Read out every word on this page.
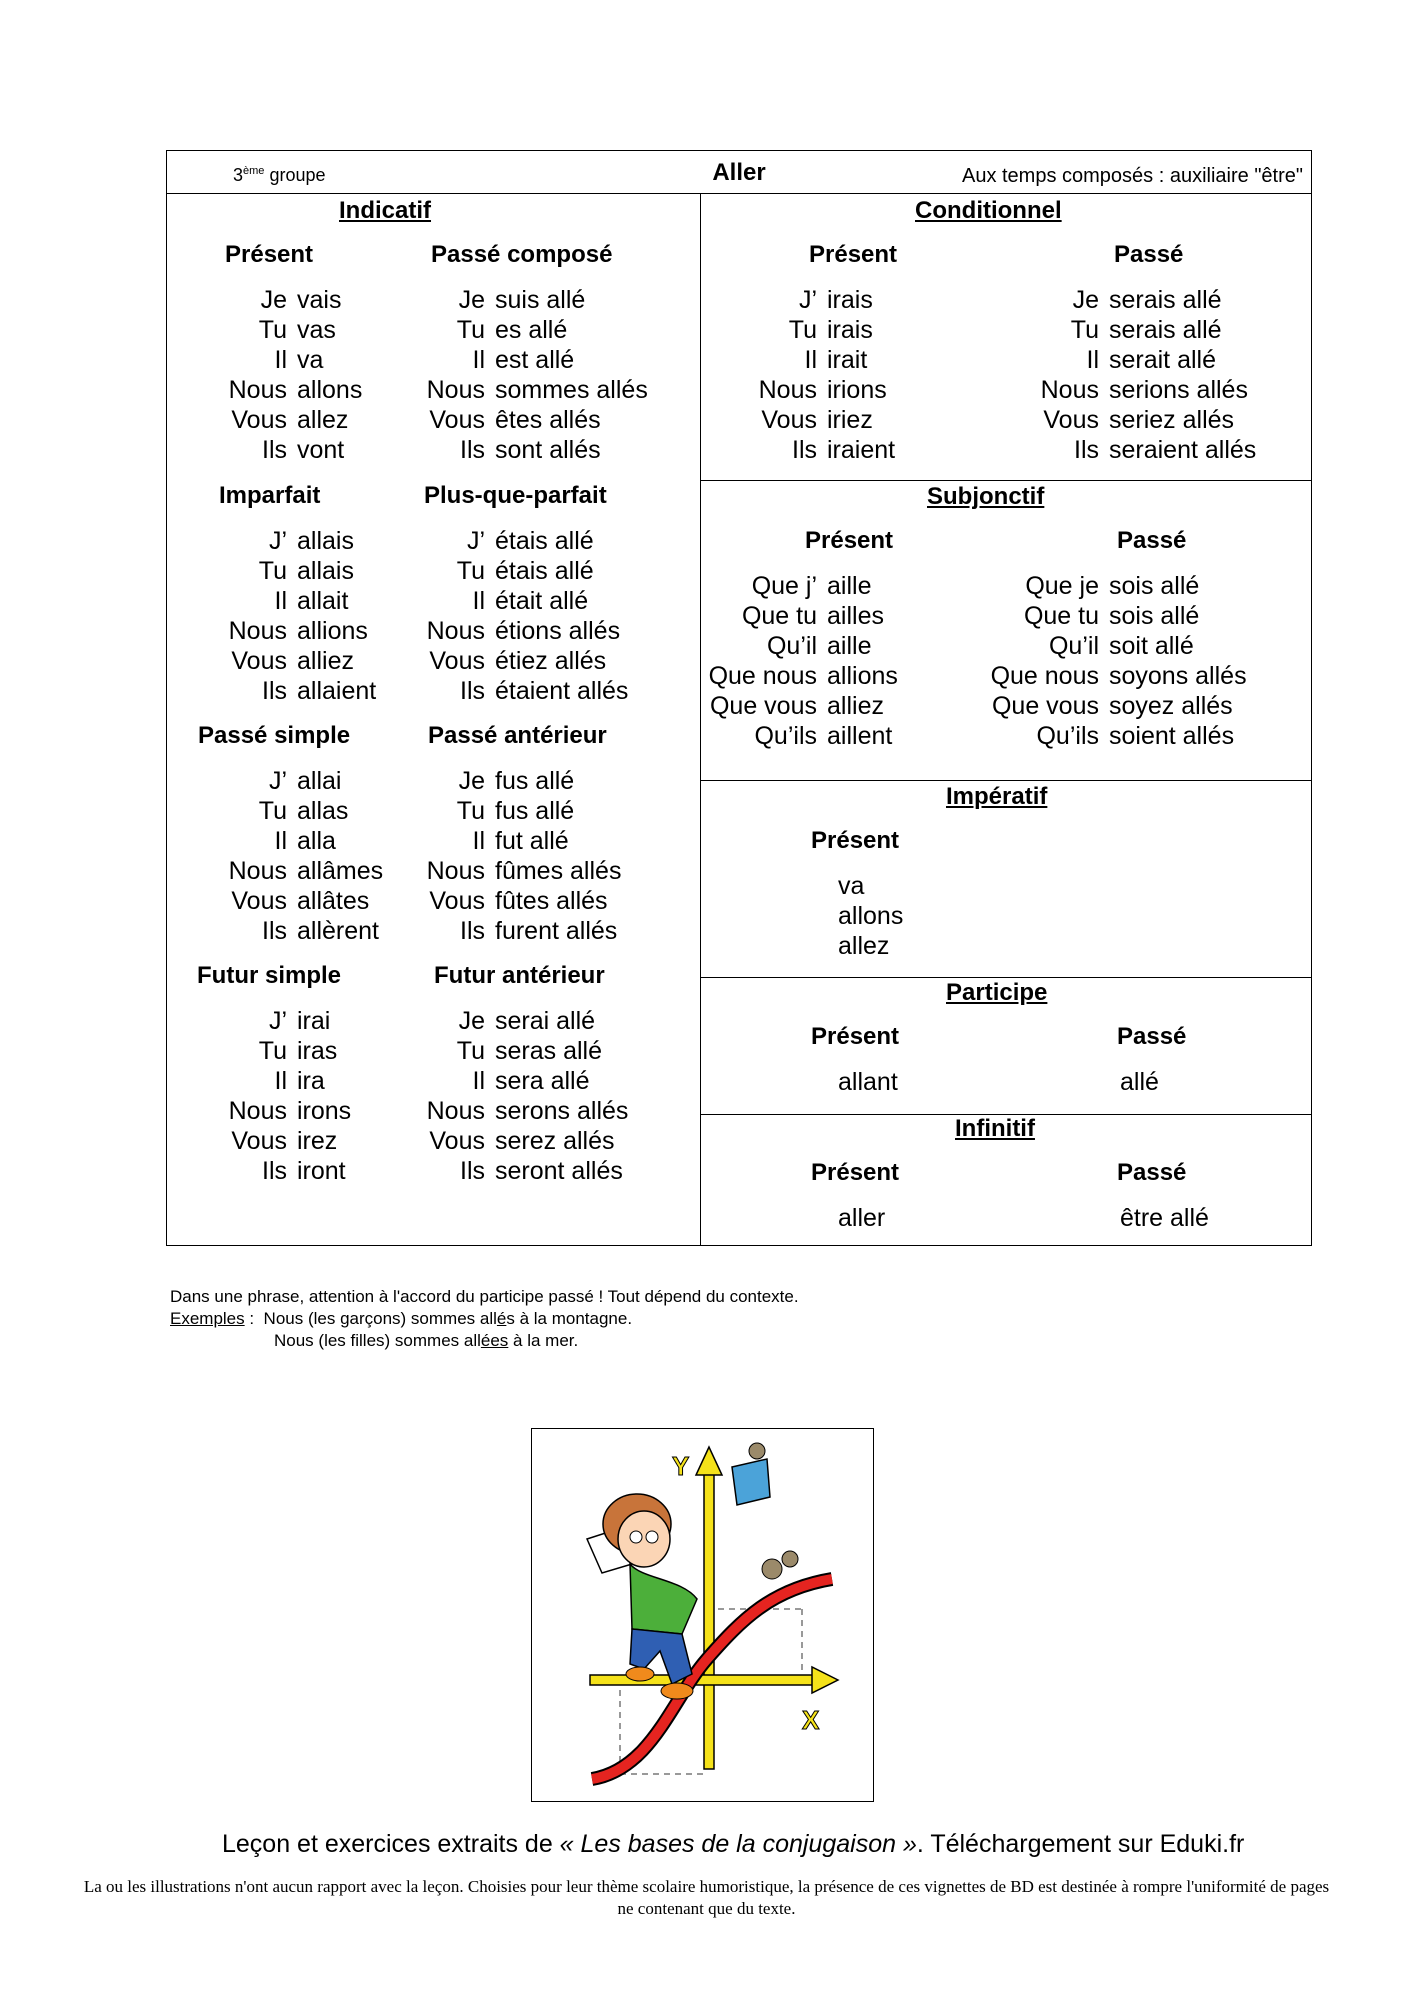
3ème groupe	Aller	Aux temps composés : auxiliaire "être"
Indicatif
Présent
Je vais
Tu vas
Il va
Nous allons
Vous allez
Ils vont
Passé composé
Je suis allé
Tu es allé
Il est allé
Nous sommes allés
Vous êtes allés
Ils sont allés
Imparfait
J’ allais
Tu allais
Il allait
Nous allions
Vous alliez
Ils allaient
Plus-que-parfait
J’ étais allé
Tu étais allé
Il était allé
Nous étions allés
Vous étiez allés
Ils étaient allés
Passé simple
J’ allai
Tu allas
Il alla
Nous allâmes
Vous allâtes
Ils allèrent
Passé antérieur
Je fus allé
Tu fus allé
Il fut allé
Nous fûmes allés
Vous fûtes allés
Ils furent allés
Futur simple
J’ irai
Tu iras
Il ira
Nous irons
Vous irez
Ils iront
Futur antérieur
Je serai allé
Tu seras allé
Il sera allé
Nous serons allés
Vous serez allés
Ils seront allés
Conditionnel
Présent
J’ irais
Tu irais
Il irait
Nous irions
Vous iriez
Ils iraient
Passé
Je serais allé
Tu serais allé
Il serait allé
Nous serions allés
Vous seriez allés
Ils seraient allés
Subjonctif
Présent
Que j’ aille
Que tu ailles
Qu’il aille
Que nous allions
Que vous alliez
Qu’ils aillent
Passé
Que je sois allé
Que tu sois allé
Qu’il soit allé
Que nous soyons allés
Que vous soyez allés
Qu’ils soient allés
Impératif
Présent
va
allons
allez
Participe
Présent
allant
Passé
allé
Infinitif
Présent
aller
Passé
être allé
Dans une phrase, attention à l'accord du participe passé ! Tout dépend du contexte.
Exemples : Nous (les garçons) sommes allés à la montagne.
Nous (les filles) sommes allées à la mer.
Y
X
Leçon et exercices extraits de « Les bases de la conjugaison ». Téléchargement sur Eduki.fr
La ou les illustrations n'ont aucun rapport avec la leçon. Choisies pour leur thème scolaire humoristique, la présence de ces vignettes de BD est destinée à rompre l'uniformité de pages ne contenant que du texte.
